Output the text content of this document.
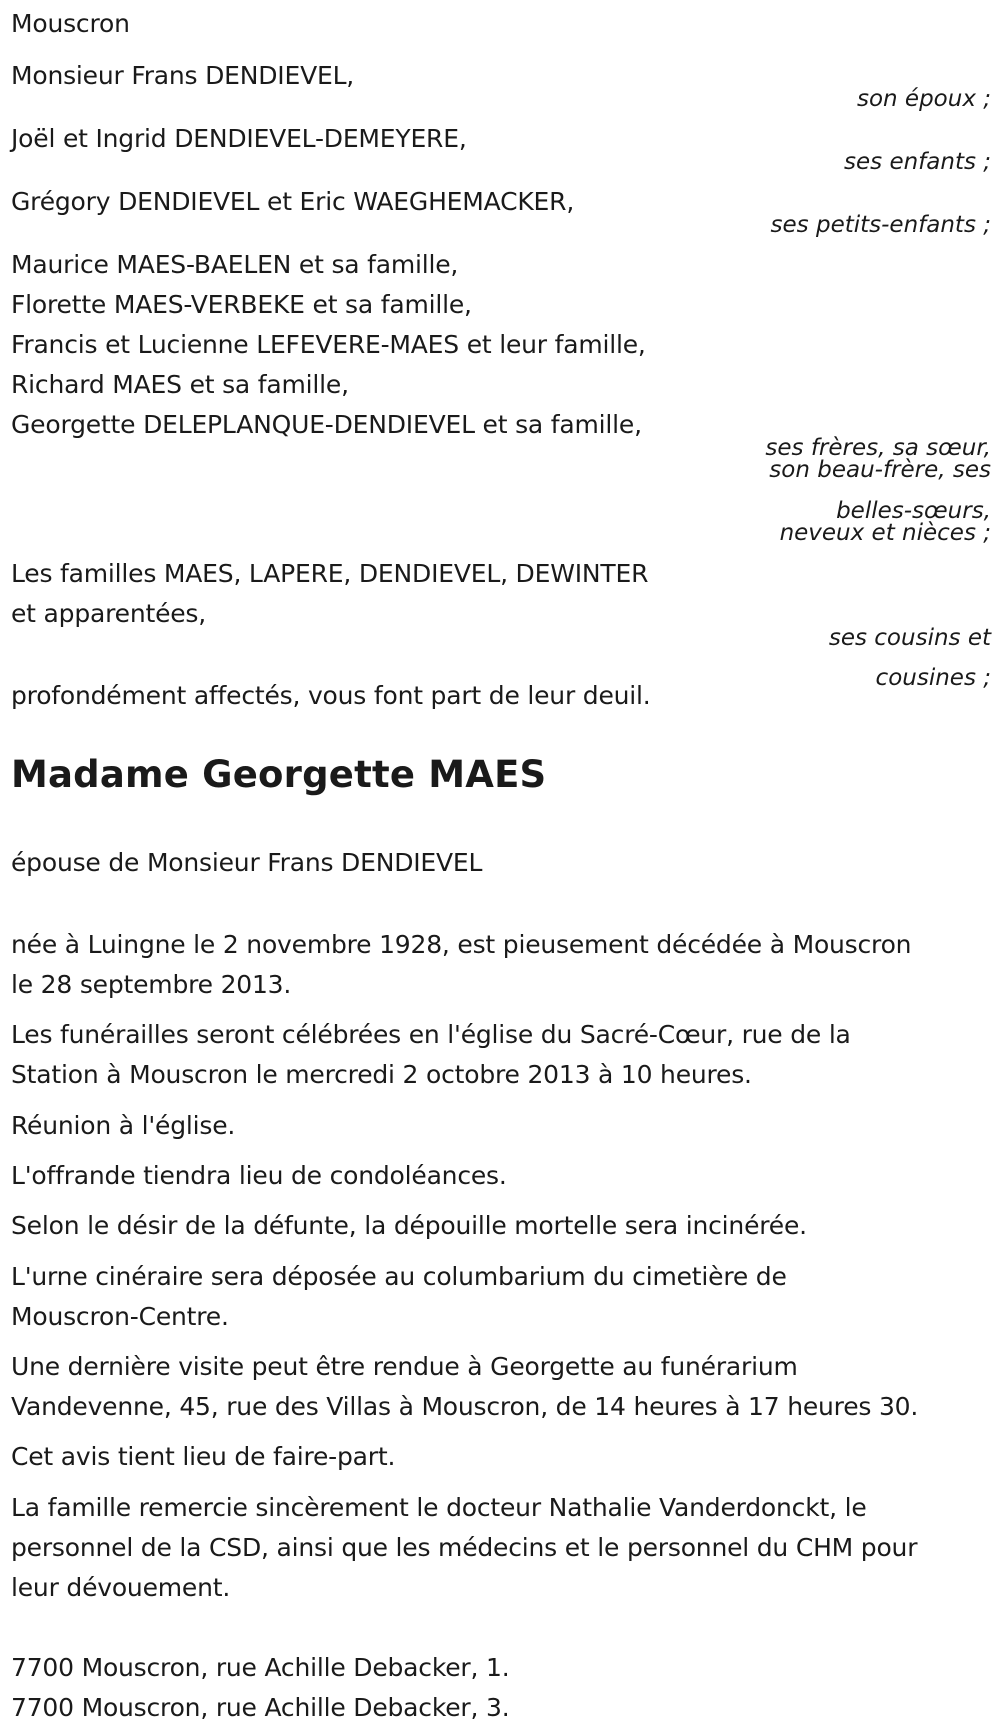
Mouscron
Monsieur Frans DENDIEVEL,
son époux ;
Joël et Ingrid DENDIEVEL-DEMEYERE,
ses enfants ;
Grégory DENDIEVEL et Eric WAEGHEMACKER,
ses petits-enfants ;
Maurice MAES-BAELEN et sa famille,
Florette MAES-VERBEKE et sa famille,
Francis et Lucienne LEFEVERE-MAES et leur famille,
Richard MAES et sa famille,
Georgette DELEPLANQUE-DENDIEVEL et sa famille,
ses frères, sa sœur,
son beau-frère, ses
belles-sœurs,
neveux et nièces ;
Les familles MAES, LAPERE, DENDIEVEL, DEWINTER
et apparentées,
ses cousins et
cousines ;
profondément affectés, vous font part de leur deuil.
Madame Georgette MAES
épouse de Monsieur Frans DENDIEVEL
née à Luingne le 2 novembre 1928, est pieusement décédée à Mouscron
le 28 septembre 2013.
Les funérailles seront célébrées en l'église du Sacré-Cœur, rue de la
Station à Mouscron le mercredi 2 octobre 2013 à 10 heures.
Réunion à l'église.
L'offrande tiendra lieu de condoléances.
Selon le désir de la défunte, la dépouille mortelle sera incinérée.
L'urne cinéraire sera déposée au columbarium du cimetière de
Mouscron-Centre.
Une dernière visite peut être rendue à Georgette au funérarium
Vandevenne, 45, rue des Villas à Mouscron, de 14 heures à 17 heures 30.
Cet avis tient lieu de faire-part.
La famille remercie sincèrement le docteur Nathalie Vanderdonckt, le
personnel de la CSD, ainsi que les médecins et le personnel du CHM pour
leur dévouement.
7700 Mouscron, rue Achille Debacker, 1.
7700 Mouscron, rue Achille Debacker, 3.
